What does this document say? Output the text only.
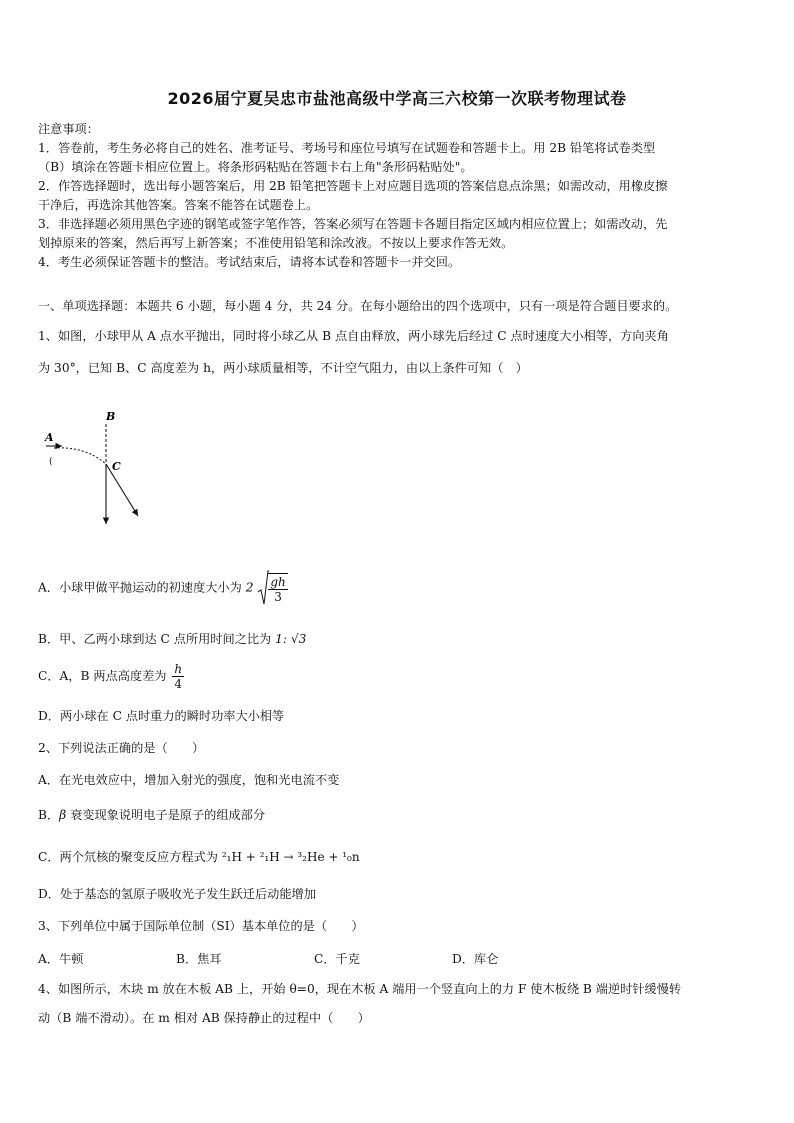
2026届宁夏吴忠市盐池高级中学高三六校第一次联考物理试卷
注意事项：
1．答卷前，考生务必将自己的姓名、准考证号、考场号和座位号填写在试题卷和答题卡上。用 2B 铅笔将试卷类型
（B）填涂在答题卡相应位置上。将条形码粘贴在答题卡右上角"条形码粘贴处"。
2．作答选择题时，选出每小题答案后，用 2B 铅笔把答题卡上对应题目选项的答案信息点涂黑；如需改动，用橡皮擦
干净后，再选涂其他答案。答案不能答在试题卷上。
3．非选择题必须用黑色字迹的钢笔或签字笔作答，答案必须写在答题卡各题目指定区域内相应位置上；如需改动，先
划掉原来的答案，然后再写上新答案；不准使用铅笔和涂改液。不按以上要求作答无效。
4．考生必须保证答题卡的整洁。考试结束后，请将本试卷和答题卡一并交回。
一、单项选择题：本题共 6 小题，每小题 4 分，共 24 分。在每小题给出的四个选项中，只有一项是符合题目要求的。
1、如图，小球甲从 A 点水平抛出，同时将小球乙从 B 点自由释放，两小球先后经过 C 点时速度大小相等，方向夹角
为 30°，已知 B、C 高度差为 h，两小球质量相等，不计空气阻力，由以上条件可知（　）
B
A
C
(
A．小球甲做平抛运动的初速度大小为 $2 \frac{gh}{3}$
B．甲、乙两小球到达 C 点所用时间之比为 1: √3
C．A，B 两点高度差为 $\frac{h}{4}$
D．两小球在 C 点时重力的瞬时功率大小相等
2、下列说法正确的是（　　）
A．在光电效应中，增加入射光的强度，饱和光电流不变
B．β 衰变现象说明电子是原子的组成部分
C．两个氘核的聚变反应方程式为 ²₁H + ²₁H → ³₂He + ¹₀n
D．处于基态的氢原子吸收光子发生跃迁后动能增加
3、下列单位中属于国际单位制（SI）基本单位的是（　　）
A．牛顿	B．焦耳	C．千克	D．库仑
4、如图所示，木块 m 放在木板 AB 上，开始 θ=0，现在木板 A 端用一个竖直向上的力 F 使木板绕 B 端逆时针缓慢转
动（B 端不滑动）。在 m 相对 AB 保持静止的过程中（　　）
